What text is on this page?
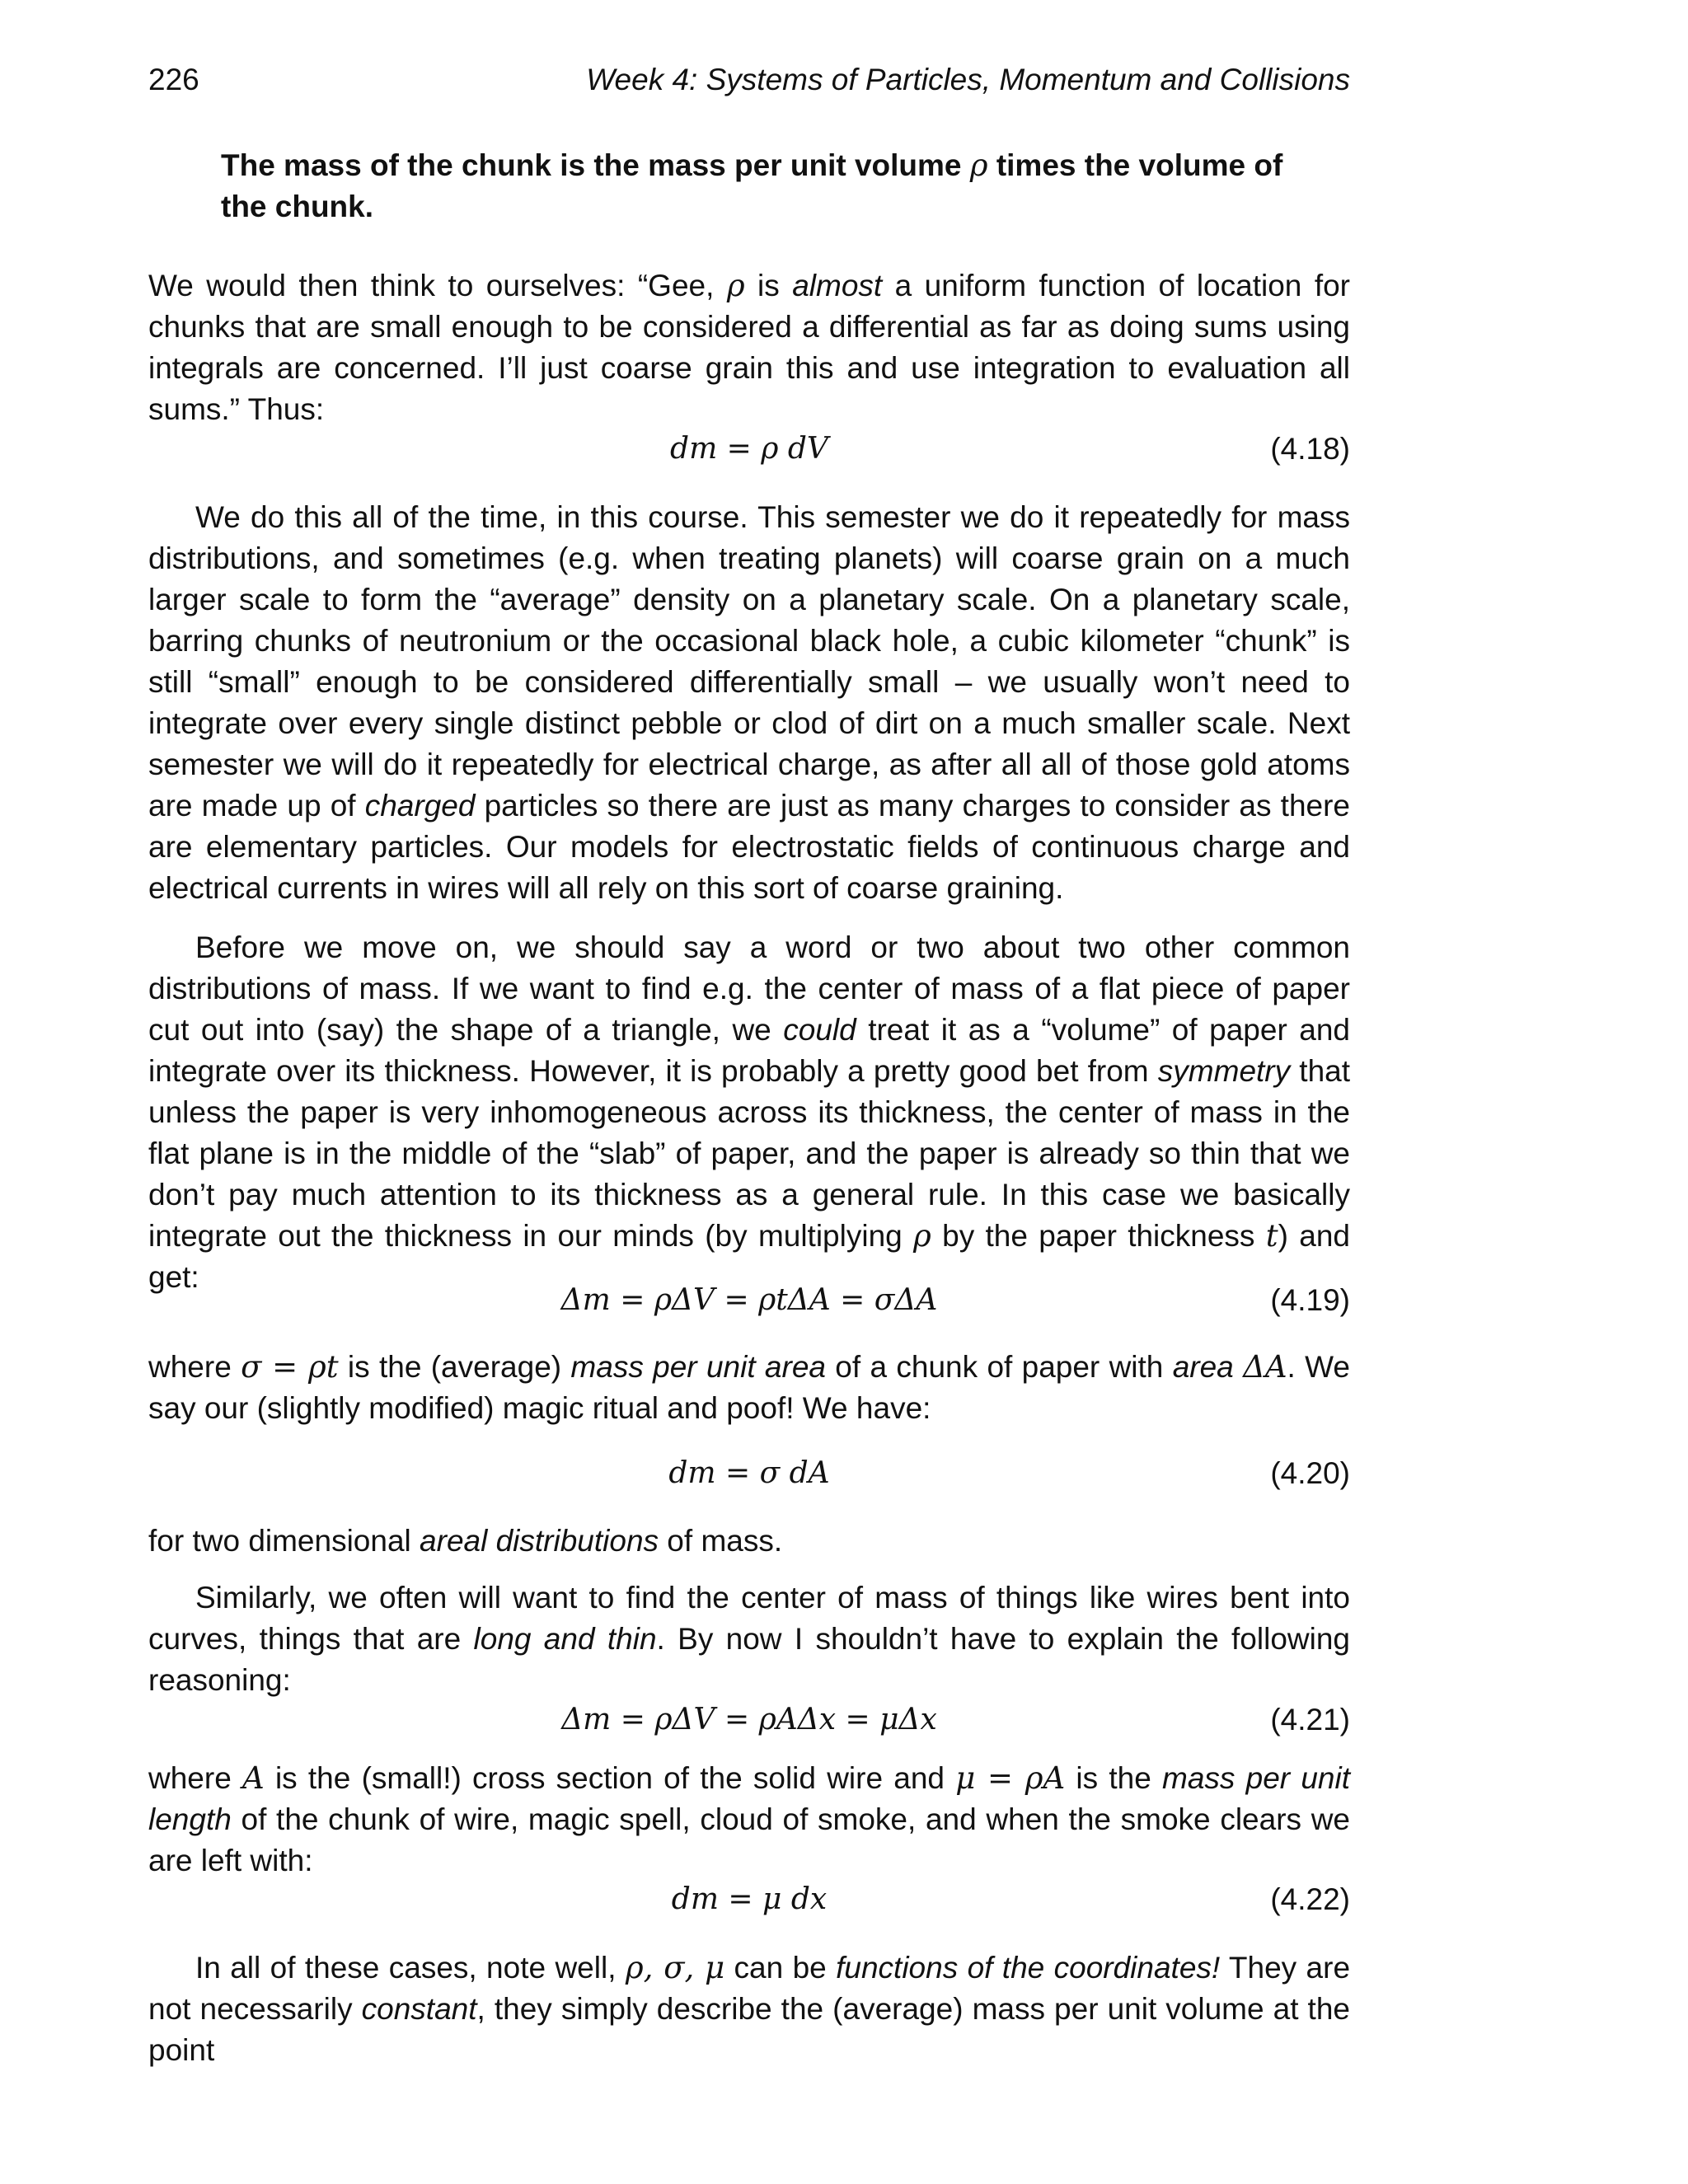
226	Week 4: Systems of Particles, Momentum and Collisions

The mass of the chunk is the mass per unit volume ρ times the volume of the chunk.

We would then think to ourselves: “Gee, ρ is almost a uniform function of location for chunks that are small enough to be considered a differential as far as doing sums using integrals are concerned. I’ll just coarse grain this and use integration to evaluation all sums.” Thus:

dm = ρ dV	(4.18)

We do this all of the time, in this course. This semester we do it repeatedly for mass distributions, and sometimes (e.g. when treating planets) will coarse grain on a much larger scale to form the “average” density on a planetary scale. On a planetary scale, barring chunks of neutronium or the occasional black hole, a cubic kilometer “chunk” is still “small” enough to be considered differentially small – we usually won’t need to integrate over every single distinct pebble or clod of dirt on a much smaller scale. Next semester we will do it repeatedly for electrical charge, as after all all of those gold atoms are made up of charged particles so there are just as many charges to consider as there are elementary particles. Our models for electrostatic fields of continuous charge and electrical currents in wires will all rely on this sort of coarse graining.

Before we move on, we should say a word or two about two other common distributions of mass. If we want to find e.g. the center of mass of a flat piece of paper cut out into (say) the shape of a triangle, we could treat it as a “volume” of paper and integrate over its thickness. However, it is probably a pretty good bet from symmetry that unless the paper is very inhomogeneous across its thickness, the center of mass in the flat plane is in the middle of the “slab” of paper, and the paper is already so thin that we don’t pay much attention to its thickness as a general rule. In this case we basically integrate out the thickness in our minds (by multiplying ρ by the paper thickness t) and get:

Δm = ρΔV = ρtΔA = σΔA	(4.19)

where σ = ρt is the (average) mass per unit area of a chunk of paper with area ΔA. We say our (slightly modified) magic ritual and poof! We have:

dm = σ dA	(4.20)

for two dimensional areal distributions of mass.

Similarly, we often will want to find the center of mass of things like wires bent into curves, things that are long and thin. By now I shouldn’t have to explain the following reasoning:

Δm = ρΔV = ρAΔx = μΔx	(4.21)

where A is the (small!) cross section of the solid wire and μ = ρA is the mass per unit length of the chunk of wire, magic spell, cloud of smoke, and when the smoke clears we are left with:

dm = μ dx	(4.22)

In all of these cases, note well, ρ, σ, μ can be functions of the coordinates! They are not necessarily constant, they simply describe the (average) mass per unit volume at the point
